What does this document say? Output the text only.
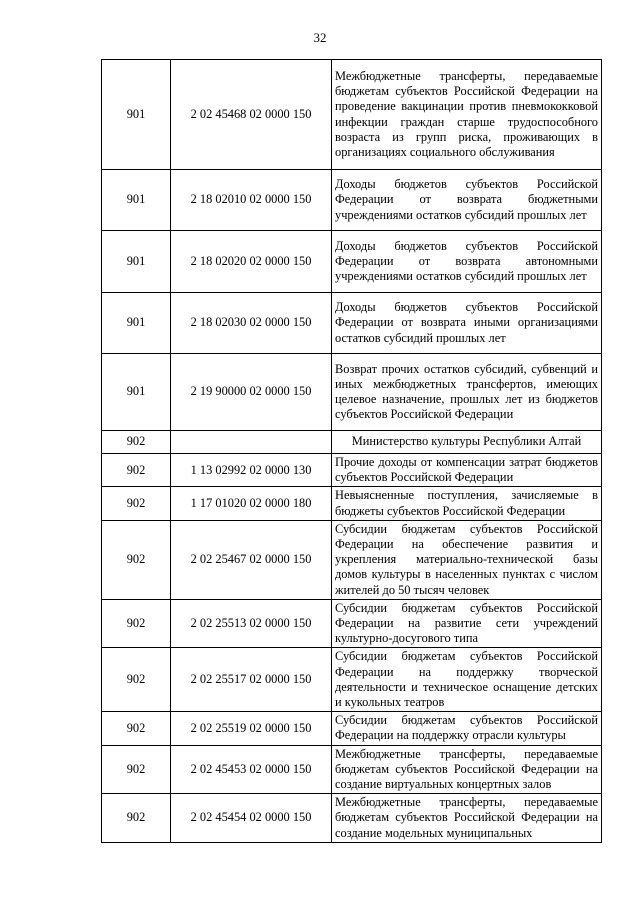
32
901	2 02 45468 02 0000 150	Межбюджетные трансферты, передаваемые бюджетам субъектов Российской Федерации на проведение вакцинации против пневмококковой инфекции граждан старше трудоспособного возраста из групп риска, проживающих в организациях социального обслуживания
901	2 18 02010 02 0000 150	Доходы бюджетов субъектов Российской Федерации от возврата бюджетными учреждениями остатков субсидий прошлых лет
901	2 18 02020 02 0000 150	Доходы бюджетов субъектов Российской Федерации от возврата автономными учреждениями остатков субсидий прошлых лет
901	2 18 02030 02 0000 150	Доходы бюджетов субъектов Российской Федерации от возврата иными организациями остатков субсидий прошлых лет
901	2 19 90000 02 0000 150	Возврат прочих остатков субсидий, субвенций и иных межбюджетных трансфертов, имеющих целевое назначение, прошлых лет из бюджетов субъектов Российской Федерации
902		Министерство культуры Республики Алтай
902	1 13 02992 02 0000 130	Прочие доходы от компенсации затрат бюджетов субъектов Российской Федерации
902	1 17 01020 02 0000 180	Невыясненные поступления, зачисляемые в бюджеты субъектов Российской Федерации
902	2 02 25467 02 0000 150	Субсидии бюджетам субъектов Российской Федерации на обеспечение развития и укрепления материально-технической базы домов культуры в населенных пунктах с числом жителей до 50 тысяч человек
902	2 02 25513 02 0000 150	Субсидии бюджетам субъектов Российской Федерации на развитие сети учреждений культурно-досугового типа
902	2 02 25517 02 0000 150	Субсидии бюджетам субъектов Российской Федерации на поддержку творческой деятельности и техническое оснащение детских и кукольных театров
902	2 02 25519 02 0000 150	Субсидии бюджетам субъектов Российской Федерации на поддержку отрасли культуры
902	2 02 45453 02 0000 150	Межбюджетные трансферты, передаваемые бюджетам субъектов Российской Федерации на создание виртуальных концертных залов
902	2 02 45454 02 0000 150	Межбюджетные трансферты, передаваемые бюджетам субъектов Российской Федерации на создание модельных муниципальных
